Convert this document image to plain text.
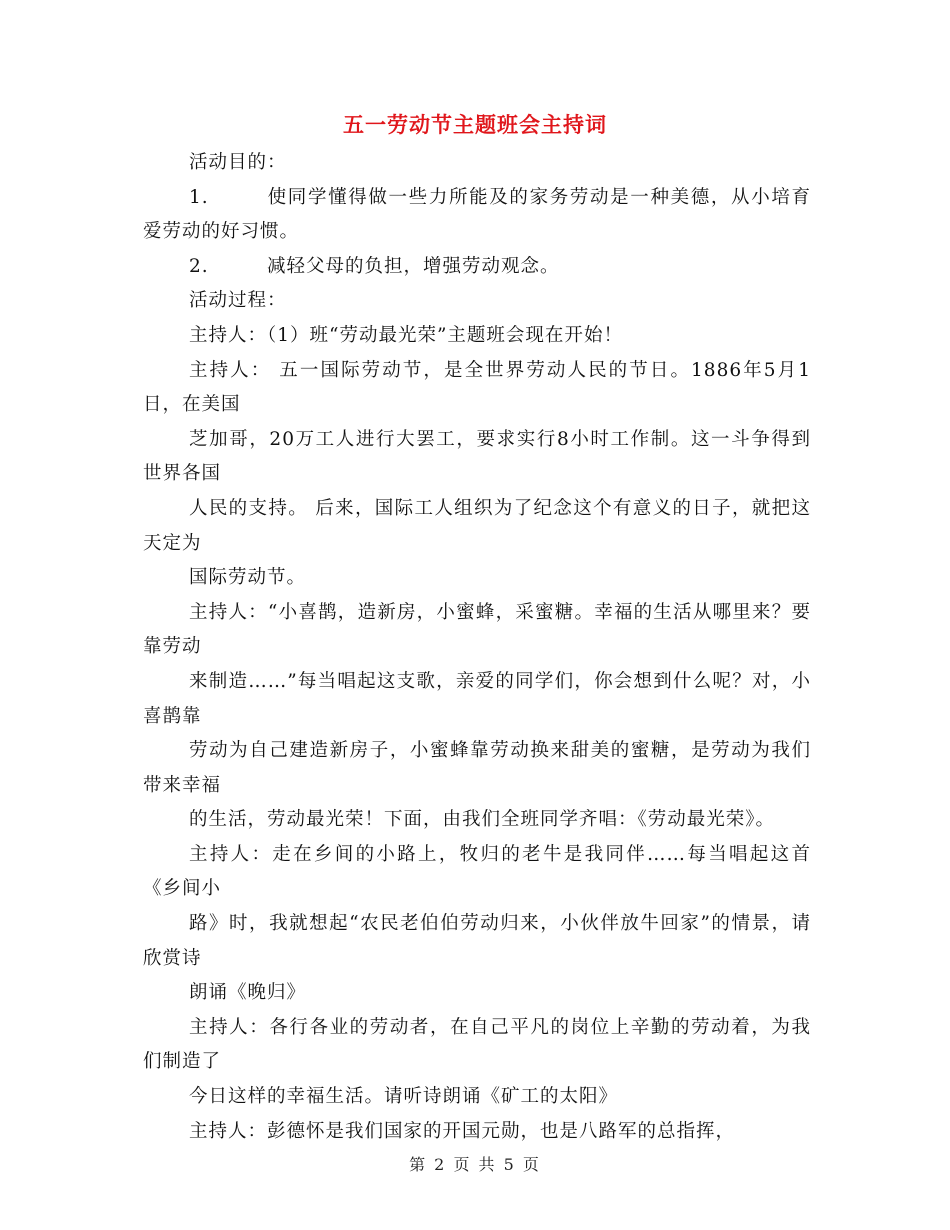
五一劳动节主题班会主持词

活动目的：

1.	使同学懂得做一些力所能及的家务劳动是一种美德，从小培育爱劳动的好习惯。

2.	减轻父母的负担，增强劳动观念。

活动过程：

主持人：（1）班“劳动最光荣”主题班会现在开始！

主持人： 五一国际劳动节，是全世界劳动人民的节日。1886年5月1日，在美国

芝加哥，20万工人进行大罢工，要求实行8小时工作制。这一斗争得到世界各国

人民的支持。 后来，国际工人组织为了纪念这个有意义的日子，就把这天定为

国际劳动节。

主持人：“小喜鹊，造新房，小蜜蜂，采蜜糖。幸福的生活从哪里来？要靠劳动

来制造……”每当唱起这支歌，亲爱的同学们，你会想到什么呢？对，小喜鹊靠

劳动为自己建造新房子，小蜜蜂靠劳动换来甜美的蜜糖，是劳动为我们带来幸福

的生活，劳动最光荣！下面，由我们全班同学齐唱：《劳动最光荣》。

主持人：走在乡间的小路上，牧归的老牛是我同伴……每当唱起这首《乡间小

路》时，我就想起“农民老伯伯劳动归来，小伙伴放牛回家”的情景，请欣赏诗

朗诵《晚归》

主持人：各行各业的劳动者，在自己平凡的岗位上辛勤的劳动着，为我们制造了

今日这样的幸福生活。请听诗朗诵《矿工的太阳》

主持人：彭德怀是我们国家的开国元勋，也是八路军的总指挥，

第 2 页 共 5 页
